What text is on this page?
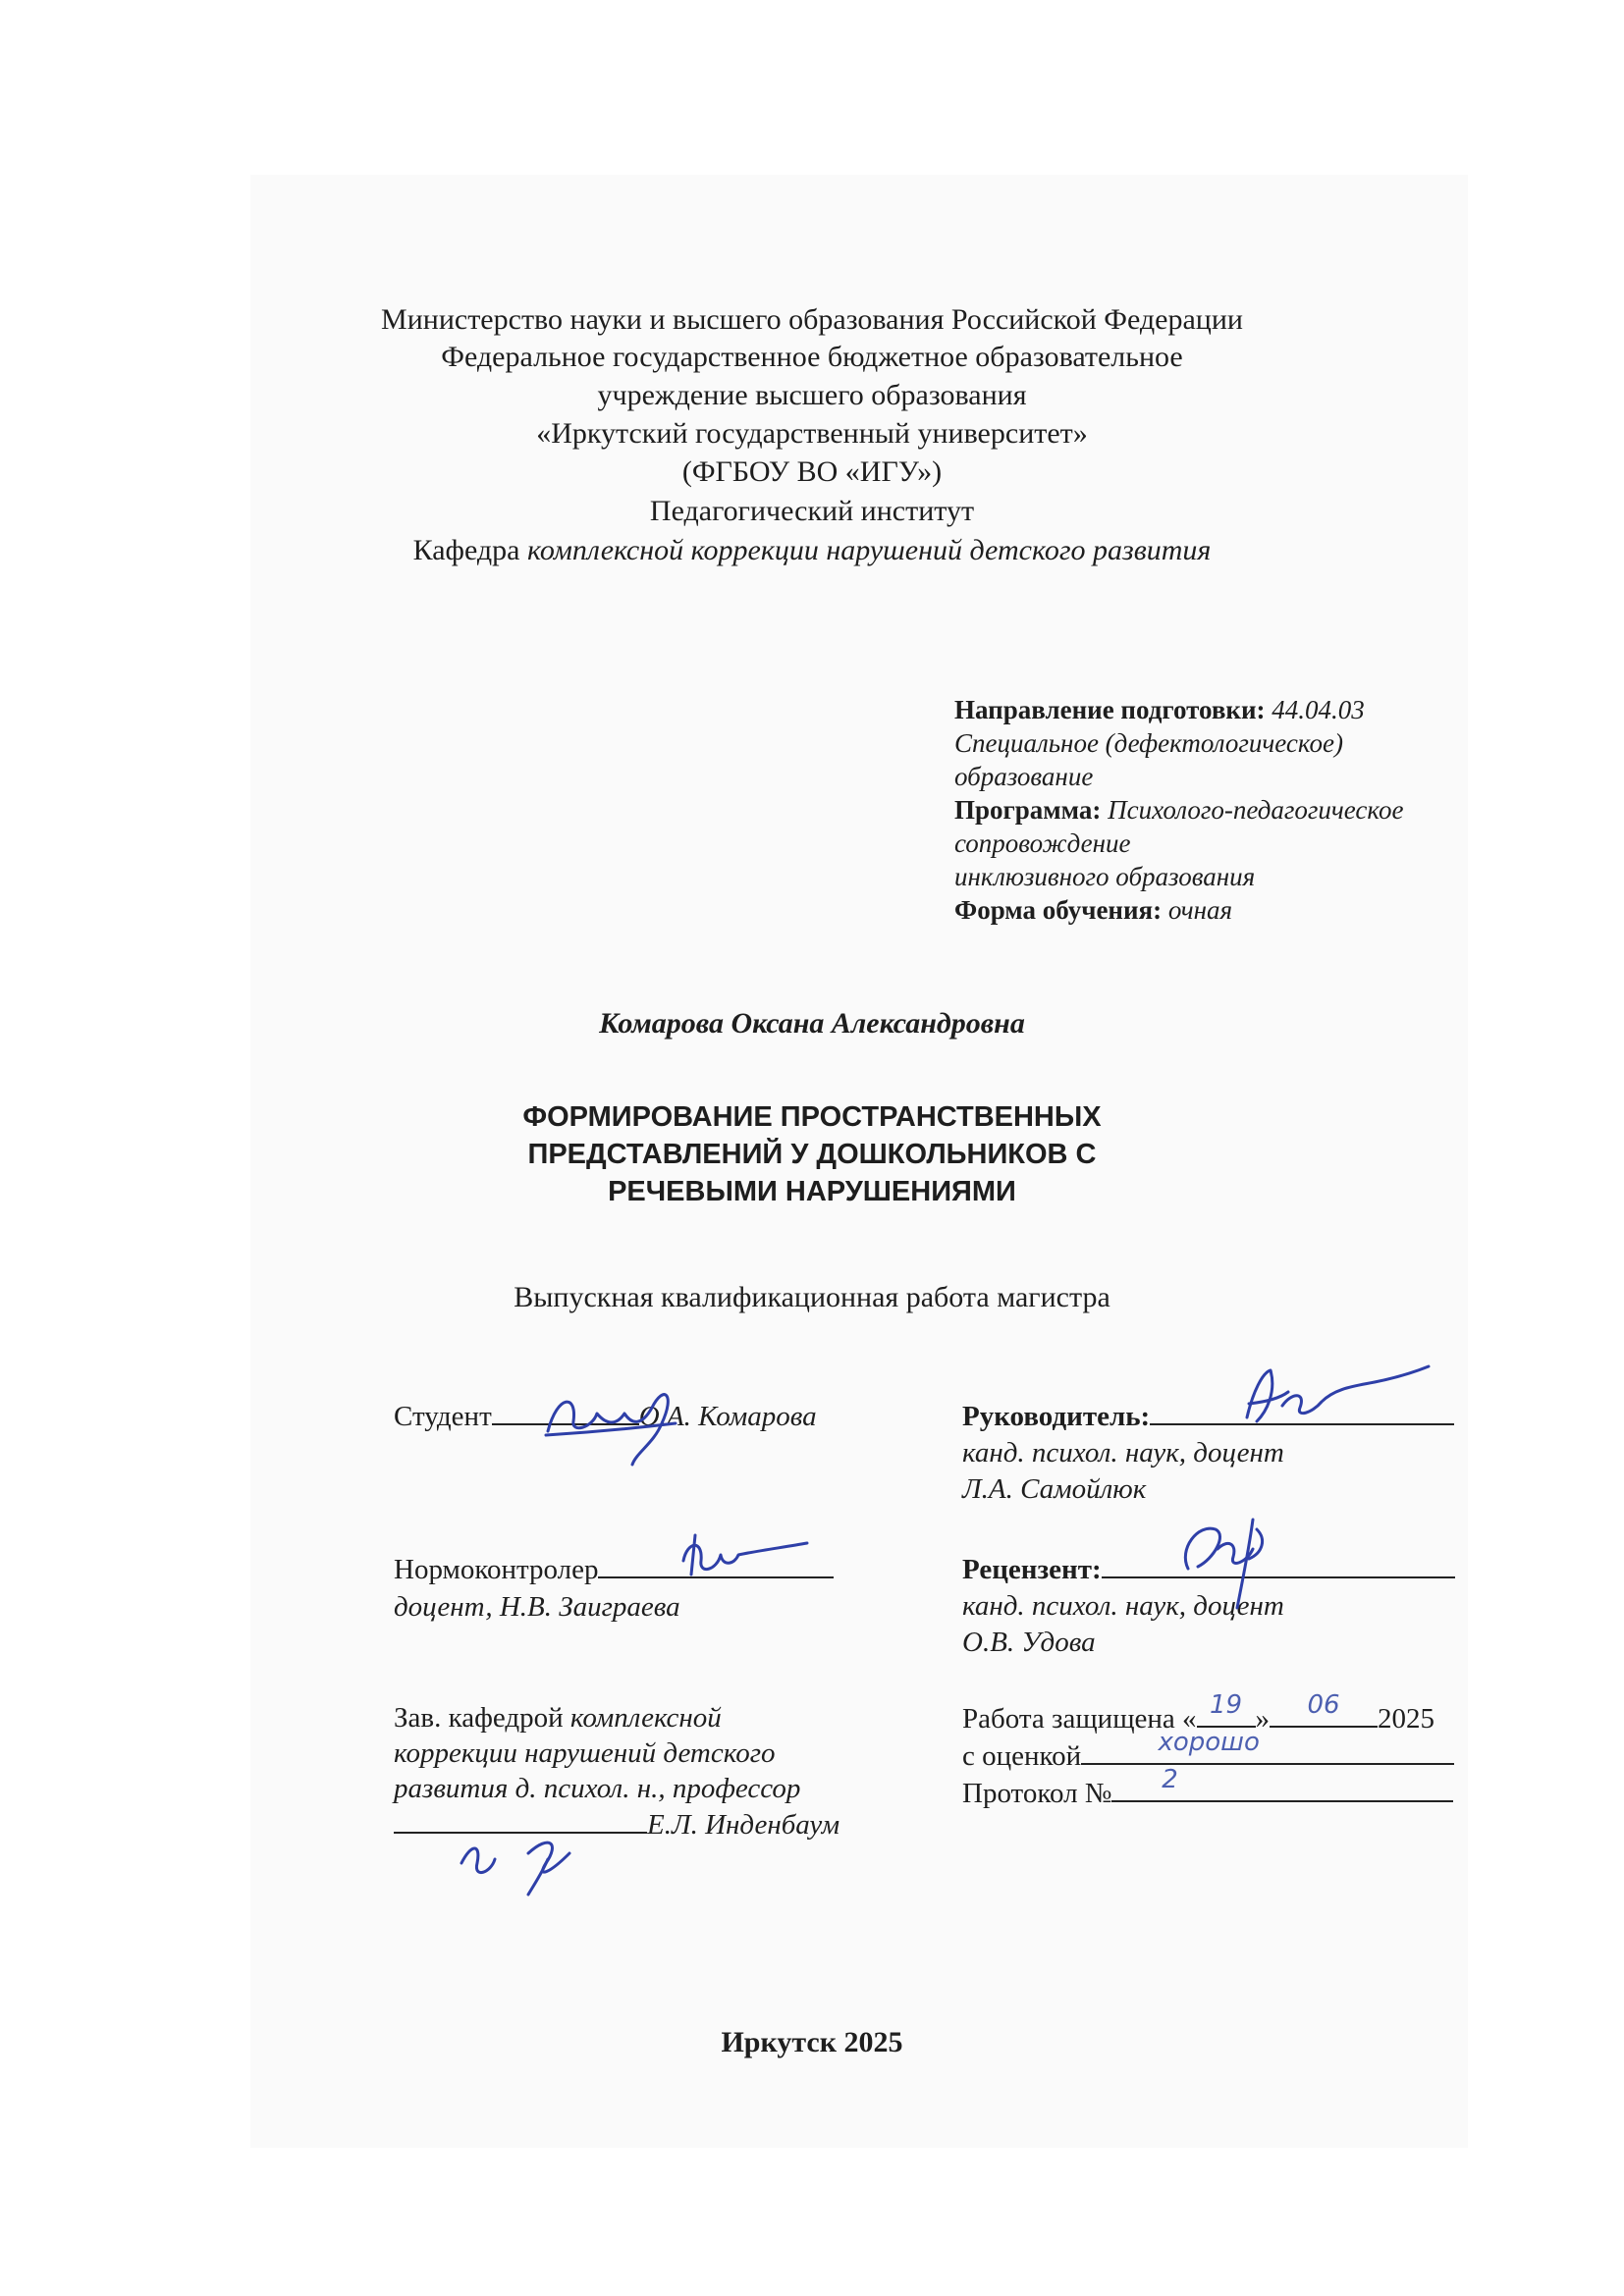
Министерство науки и высшего образования Российской Федерации
Федеральное государственное бюджетное образовательное
учреждение высшего образования
«Иркутский государственный университет»
(ФГБОУ ВО «ИГУ»)
Педагогический институт
Кафедра комплексной коррекции нарушений детского развития
Направление подготовки: 44.04.03
Специальное (дефектологическое)
образование
Программа: Психолого-педагогическое
сопровождение
инклюзивного образования
Форма обучения: очная
Комарова Оксана Александровна
ФОРМИРОВАНИЕ ПРОСТРАНСТВЕННЫХ
ПРЕДСТАВЛЕНИЙ У ДОШКОЛЬНИКОВ С
РЕЧЕВЫМИ НАРУШЕНИЯМИ
Выпускная квалификационная работа магистра
Студент	О.А. Комарова
Нормоконтролер
доцент, Н.В. Заиграева
Зав. кафедрой комплексной
коррекции нарушений детского
развития д. психол. н., профессор
Е.Л. Инденбаум
Руководитель:
канд. психол. наук, доцент
Л.А. Самойлюк
Рецензент:
канд. психол. наук, доцент
О.В. Удова
Работа защищена « 19 »	06	2025
с оценкой	хорошо
Протокол №	2
Иркутск 2025
